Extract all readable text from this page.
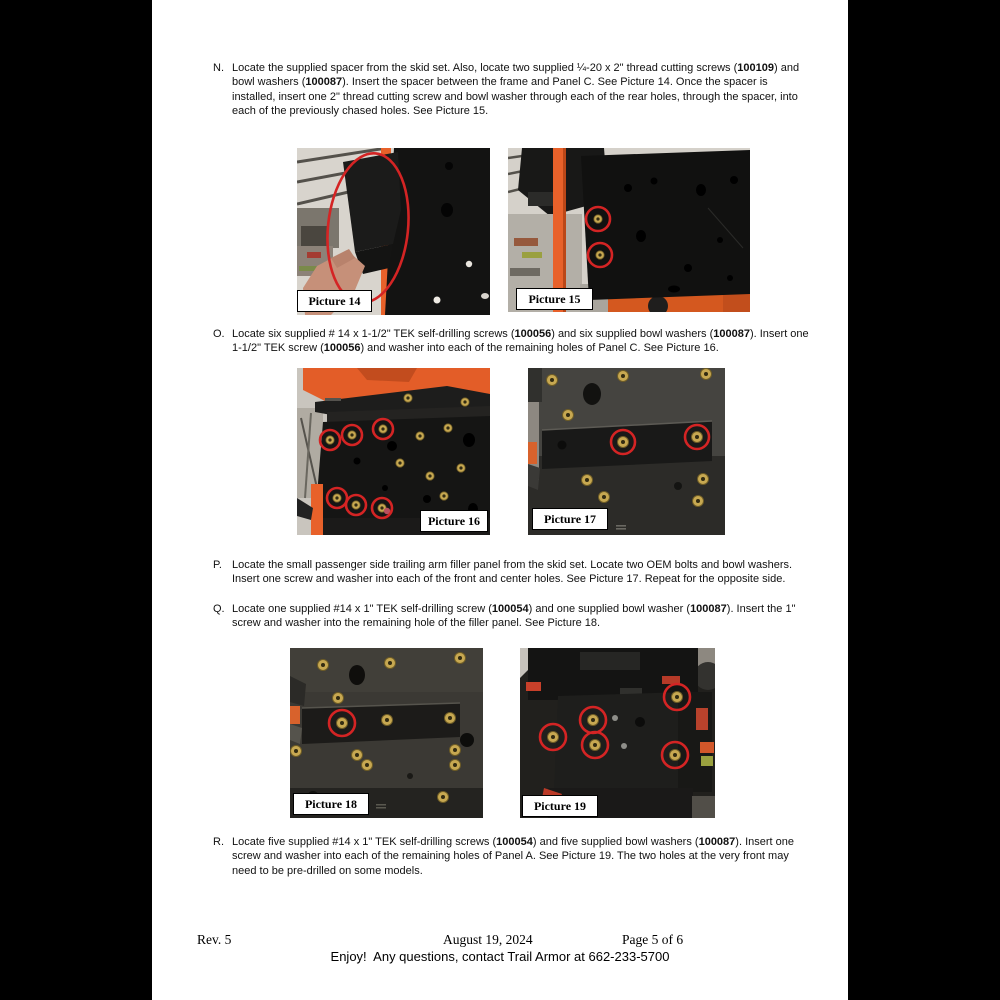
N. Locate the supplied spacer from the skid set. Also, locate two supplied ¼-20 x 2" thread cutting screws (100109) and bowl washers (100087). Insert the spacer between the frame and Panel C. See Picture 14. Once the spacer is installed, insert one 2" thread cutting screw and bowl washer through each of the rear holes, through the spacer, into each of the previously chased holes. See Picture 15.
Picture 14	Picture 15
O. Locate six supplied # 14 x 1-1/2" TEK self-drilling screws (100056) and six supplied bowl washers (100087). Insert one 1-1/2" TEK screw (100056) and washer into each of the remaining holes of Panel C. See Picture 16.
Picture 16	Picture 17
P. Locate the small passenger side trailing arm filler panel from the skid set. Locate two OEM bolts and bowl washers. Insert one screw and washer into each of the front and center holes. See Picture 17. Repeat for the opposite side.
Q. Locate one supplied #14 x 1" TEK self-drilling screw (100054) and one supplied bowl washer (100087). Insert the 1" screw and washer into the remaining hole of the filler panel. See Picture 18.
Picture 18	Picture 19
R. Locate five supplied #14 x 1" TEK self-drilling screws (100054) and five supplied bowl washers (100087). Insert one screw and washer into each of the remaining holes of Panel A. See Picture 19. The two holes at the very front may need to be pre-drilled on some models.
Rev. 5	August 19, 2024	Page 5 of 6
Enjoy!  Any questions, contact Trail Armor at 662-233-5700
